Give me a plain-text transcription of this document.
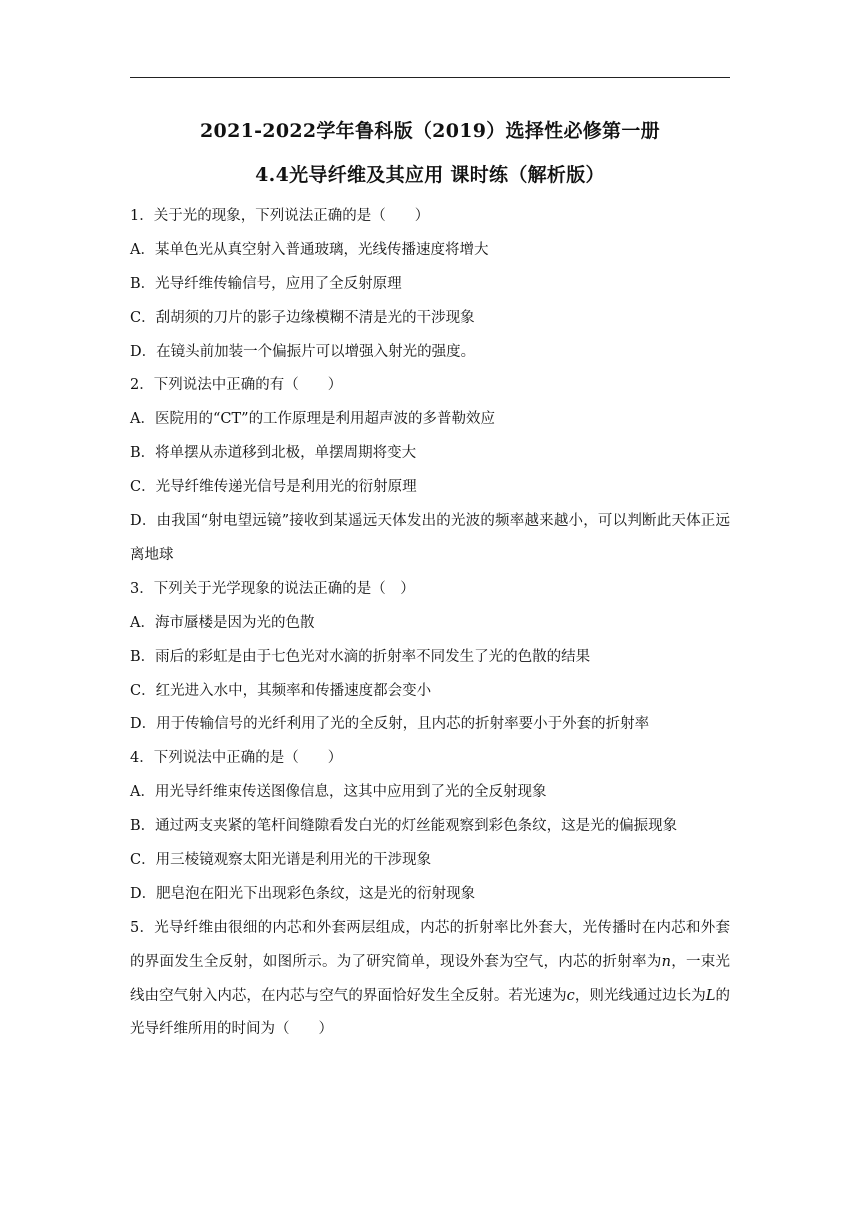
2021-2022学年鲁科版（2019）选择性必修第一册
4.4光导纤维及其应用 课时练（解析版）
1．关于光的现象，下列说法正确的是（　　）
A．某单色光从真空射入普通玻璃，光线传播速度将增大
B．光导纤维传输信号，应用了全反射原理
C．刮胡须的刀片的影子边缘模糊不清是光的干涉现象
D．在镜头前加装一个偏振片可以增强入射光的强度。
2．下列说法中正确的有（　　）
A．医院用的“CT”的工作原理是利用超声波的多普勒效应
B．将单摆从赤道移到北极，单摆周期将变大
C．光导纤维传递光信号是利用光的衍射原理

D．由我国“射电望远镜”接收到某遥远天体发出的光波的频率越来越小，可以判断此天体正远离地球

3．下列关于光学现象的说法正确的是（　）
A．海市蜃楼是因为光的色散
B．雨后的彩虹是由于七色光对水滴的折射率不同发生了光的色散的结果
C．红光进入水中，其频率和传播速度都会变小
D．用于传输信号的光纤利用了光的全反射，且内芯的折射率要小于外套的折射率
4．下列说法中正确的是（　　）
A．用光导纤维束传送图像信息，这其中应用到了光的全反射现象
B．通过两支夹紧的笔杆间缝隙看发白光的灯丝能观察到彩色条纹，这是光的偏振现象
C．用三棱镜观察太阳光谱是利用光的干涉现象
D．肥皂泡在阳光下出现彩色条纹，这是光的衍射现象

5．光导纤维由很细的内芯和外套两层组成，内芯的折射率比外套大，光传播时在内芯和外套的界面发生全反射，如图所示。为了研究简单，现设外套为空气，内芯的折射率为n，一束光线由空气射入内芯，在内芯与空气的界面恰好发生全反射。若光速为c，则光线通过边长为L的光导纤维所用的时间为（　　）
